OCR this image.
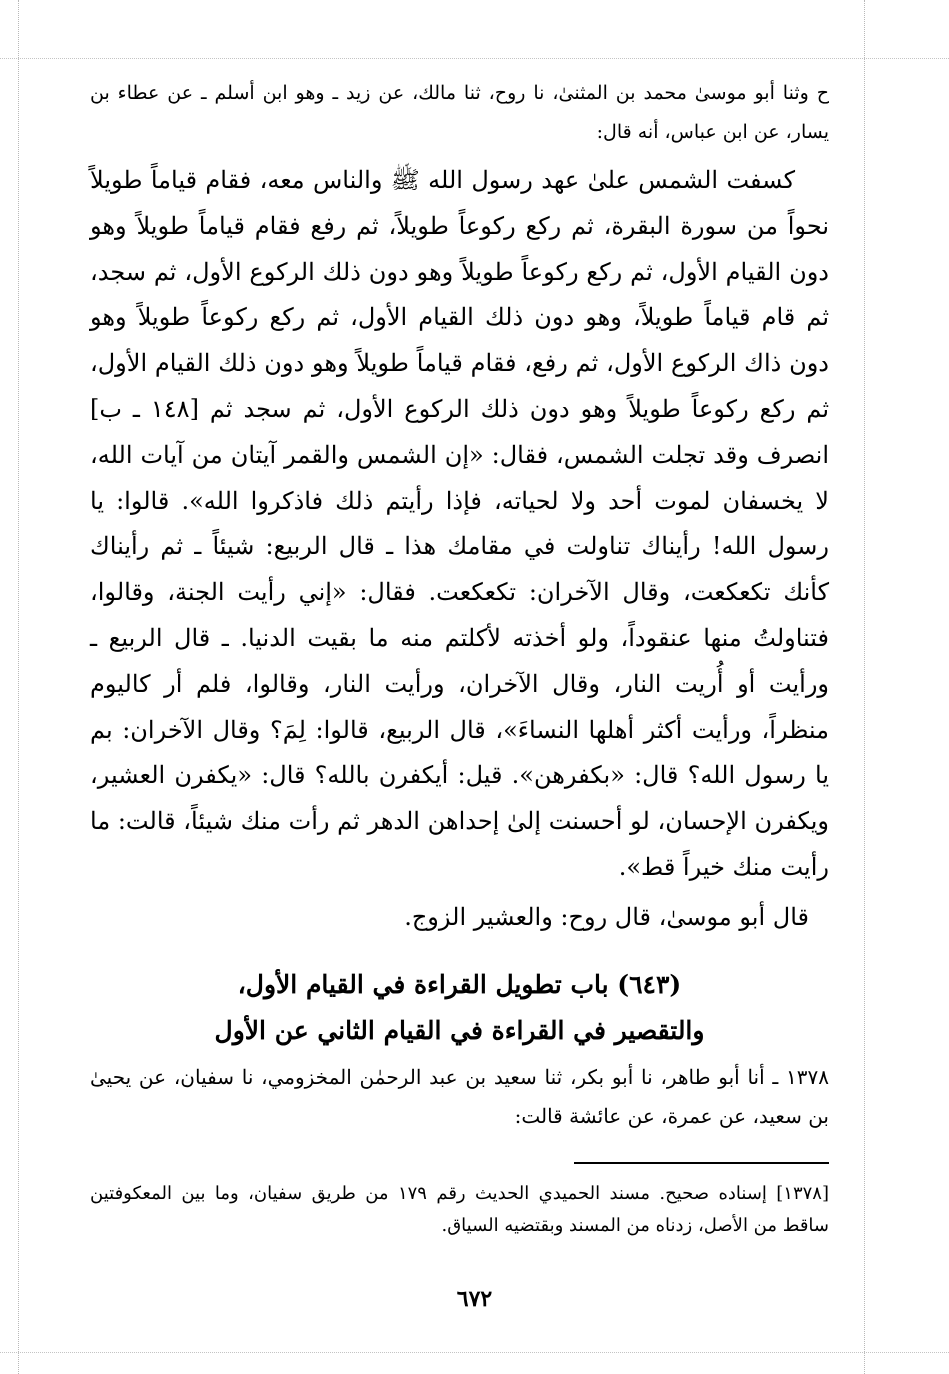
ح وثنا أبو موسىٰ محمد بن المثنىٰ، نا روح، ثنا مالك، عن زيد ـ وهو ابن أسلم ـ عن عطاء بن يسار، عن ابن عباس، أنه قال:

كسفت الشمس علىٰ عهد رسول الله ﷺ والناس معه، فقام قياماً طويلاً نحواً من سورة البقرة، ثم ركع ركوعاً طويلاً، ثم رفع فقام قياماً طويلاً وهو دون القيام الأول، ثم ركع ركوعاً طويلاً وهو دون ذلك الركوع الأول، ثم سجد، ثم قام قياماً طويلاً، وهو دون ذلك القيام الأول، ثم ركع ركوعاً طويلاً وهو دون ذاك الركوع الأول، ثم رفع، فقام قياماً طويلاً وهو دون ذلك القيام الأول، ثم ركع ركوعاً طويلاً وهو دون ذلك الركوع الأول، ثم سجد ثم [١٤٨ ـ ب] انصرف وقد تجلت الشمس، فقال: «إن الشمس والقمر آيتان من آيات الله، لا يخسفان لموت أحد ولا لحياته، فإذا رأيتم ذلك فاذكروا الله». قالوا: يا رسول الله! رأيناك تناولت في مقامك هذا ـ قال الربيع: شيئاً ـ ثم رأيناك كأنك تكعكعت، وقال الآخران: تكعكعت. فقال: «إني رأيت الجنة، وقالوا، فتناولتُ منها عنقوداً، ولو أخذته لأكلتم منه ما بقيت الدنيا. ـ قال الربيع ـ ورأيت أو أُريت النار، وقال الآخران، ورأيت النار، وقالوا، فلم أر كاليوم منظراً، ورأيت أكثر أهلها النساءَ»، قال الربيع، قالوا: لِمَ؟ وقال الآخران: بم يا رسول الله؟ قال: «بكفرهن». قيل: أيكفرن بالله؟ قال: «يكفرن العشير، ويكفرن الإحسان، لو أحسنت إلىٰ إحداهن الدهر ثم رأت منك شيئاً، قالت: ما رأيت منك خيراً قط».

قال أبو موسىٰ، قال روح: والعشير الزوج.
(٦٤٣) باب تطويل القراءة في القيام الأول،
والتقصير في القراءة في القيام الثاني عن الأول
١٣٧٨ ـ أنا أبو طاهر، نا أبو بكر، ثنا سعيد بن عبد الرحمٰن المخزومي، نا سفيان، عن يحيىٰ بن سعيد، عن عمرة، عن عائشة قالت:
[١٣٧٨] إسناده صحيح. مسند الحميدي الحديث رقم ١٧٩ من طريق سفيان، وما بين المعكوفتين ساقط من الأصل، زدناه من المسند وبقتضيه السياق.
٦٧٢
